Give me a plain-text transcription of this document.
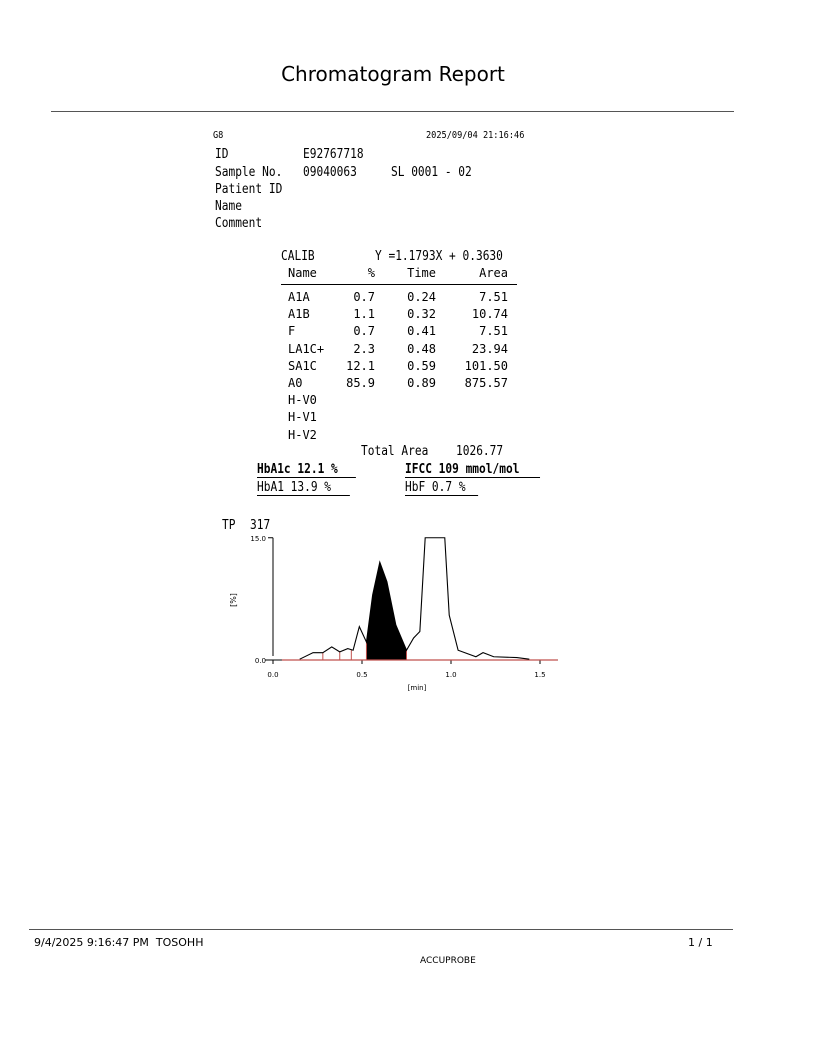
Chromatogram Report
G8	2025/09/04 21:16:46
ID	E92767718
Sample No. 09040063	SL 0001 - 02
Patient ID
Name
Comment
CALIB	Y =1.1793X + 0.3630
Name	%	Time	Area
A1A	0.7	0.24	7.51
A1B	1.1	0.32	10.74
F	0.7	0.41	7.51
LA1C+	2.3	0.48	23.94
SA1C	12.1	0.59	101.50
A0	85.9	0.89	875.57
H-V0
H-V1
H-V2
Total Area 1026.77
HbA1c 12.1 %	IFCC 109 mmol/mol
HbA1 13.9 %	HbF 0.7 %
TP 317
[%]
[min]
0.0
15.0
0.0	0.5	1.0	1.5
9/4/2025 9:16:47 PM  TOSOHH	1 / 1
ACCUPROBE
